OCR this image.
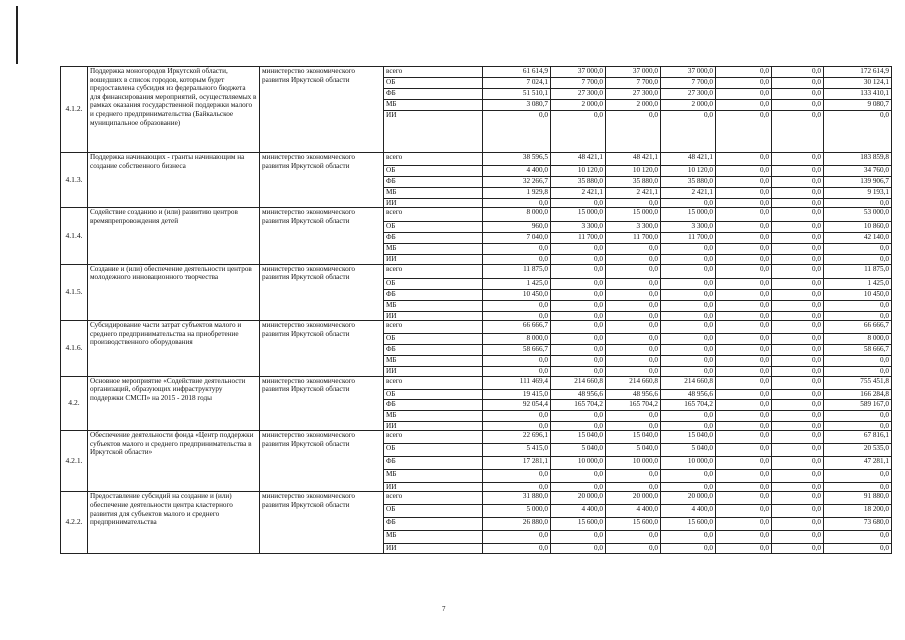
4.1.2.	Поддержка моногородов Иркутской области, вошедших в список городов, которым будет предоставлена субсидия из федерального бюджета для финансирования мероприятий, осуществляемых в рамках оказания государственной поддержки малого и среднего предпринимательства (Байкальское муниципальное образование)	министерство экономического развития Иркутской области	всего	61 614,9	37 000,0	37 000,0	37 000,0	0,0	0,0	172 614,9
			ОБ	7 024,1	7 700,0	7 700,0	7 700,0	0,0	0,0	30 124,1
			ФБ	51 510,1	27 300,0	27 300,0	27 300,0	0,0	0,0	133 410,1
			МБ	3 080,7	2 000,0	2 000,0	2 000,0	0,0	0,0	9 080,7
			ИИ	0,0	0,0	0,0	0,0	0,0	0,0	0,0
4.1.3.	Поддержка начинающих - гранты начинающим на создание собственного бизнеса	министерство экономического развития Иркутской области	всего	38 596,5	48 421,1	48 421,1	48 421,1	0,0	0,0	183 859,8
			ОБ	4 400,0	10 120,0	10 120,0	10 120,0	0,0	0,0	34 760,0
			ФБ	32 266,7	35 880,0	35 880,0	35 880,0	0,0	0,0	139 906,7
			МБ	1 929,8	2 421,1	2 421,1	2 421,1	0,0	0,0	9 193,1
			ИИ	0,0	0,0	0,0	0,0	0,0	0,0	0,0
4.1.4.	Содействие созданию и (или) развитию центров времяпрепровождения детей	министерство экономического развития Иркутской области	всего	8 000,0	15 000,0	15 000,0	15 000,0	0,0	0,0	53 000,0
			ОБ	960,0	3 300,0	3 300,0	3 300,0	0,0	0,0	10 860,0
			ФБ	7 040,0	11 700,0	11 700,0	11 700,0	0,0	0,0	42 140,0
			МБ	0,0	0,0	0,0	0,0	0,0	0,0	0,0
			ИИ	0,0	0,0	0,0	0,0	0,0	0,0	0,0
4.1.5.	Создание и (или) обеспечение деятельности центров молодежного инновационного творчества	министерство экономического развития Иркутской области	всего	11 875,0	0,0	0,0	0,0	0,0	0,0	11 875,0
			ОБ	1 425,0	0,0	0,0	0,0	0,0	0,0	1 425,0
			ФБ	10 450,0	0,0	0,0	0,0	0,0	0,0	10 450,0
			МБ	0,0	0,0	0,0	0,0	0,0	0,0	0,0
			ИИ	0,0	0,0	0,0	0,0	0,0	0,0	0,0
4.1.6.	Субсидирование части затрат субъектов малого и среднего предпринимательства на приобретение производственного оборудования	министерство экономического развития Иркутской области	всего	66 666,7	0,0	0,0	0,0	0,0	0,0	66 666,7
			ОБ	8 000,0	0,0	0,0	0,0	0,0	0,0	8 000,0
			ФБ	58 666,7	0,0	0,0	0,0	0,0	0,0	58 666,7
			МБ	0,0	0,0	0,0	0,0	0,0	0,0	0,0
			ИИ	0,0	0,0	0,0	0,0	0,0	0,0	0,0
4.2.	Основное мероприятие «Содействие деятельности организаций, образующих инфраструктуру поддержки СМСП» на 2015 - 2018 годы	министерство экономического развития Иркутской области	всего	111 469,4	214 660,8	214 660,8	214 660,8	0,0	0,0	755 451,8
			ОБ	19 415,0	48 956,6	48 956,6	48 956,6	0,0	0,0	166 284,8
			ФБ	92 054,4	165 704,2	165 704,2	165 704,2	0,0	0,0	589 167,0
			МБ	0,0	0,0	0,0	0,0	0,0	0,0	0,0
			ИИ	0,0	0,0	0,0	0,0	0,0	0,0	0,0
4.2.1.	Обеспечение деятельности фонда «Центр поддержки субъектов малого и среднего предпринимательства в Иркутской области»	министерство экономического развития Иркутской области	всего	22 696,1	15 040,0	15 040,0	15 040,0	0,0	0,0	67 816,1
			ОБ	5 415,0	5 040,0	5 040,0	5 040,0	0,0	0,0	20 535,0
			ФБ	17 281,1	10 000,0	10 000,0	10 000,0	0,0	0,0	47 281,1
			МБ	0,0	0,0	0,0	0,0	0,0	0,0	0,0
			ИИ	0,0	0,0	0,0	0,0	0,0	0,0	0,0
4.2.2.	Предоставление субсидий на создание и (или) обеспечение деятельности центра кластерного развития для субъектов малого и среднего предпринимательства	министерство экономического развития Иркутской области	всего	31 880,0	20 000,0	20 000,0	20 000,0	0,0	0,0	91 880,0
			ОБ	5 000,0	4 400,0	4 400,0	4 400,0	0,0	0,0	18 200,0
			ФБ	26 880,0	15 600,0	15 600,0	15 600,0	0,0	0,0	73 680,0
			МБ	0,0	0,0	0,0	0,0	0,0	0,0	0,0
			ИИ	0,0	0,0	0,0	0,0	0,0	0,0	0,0
7
